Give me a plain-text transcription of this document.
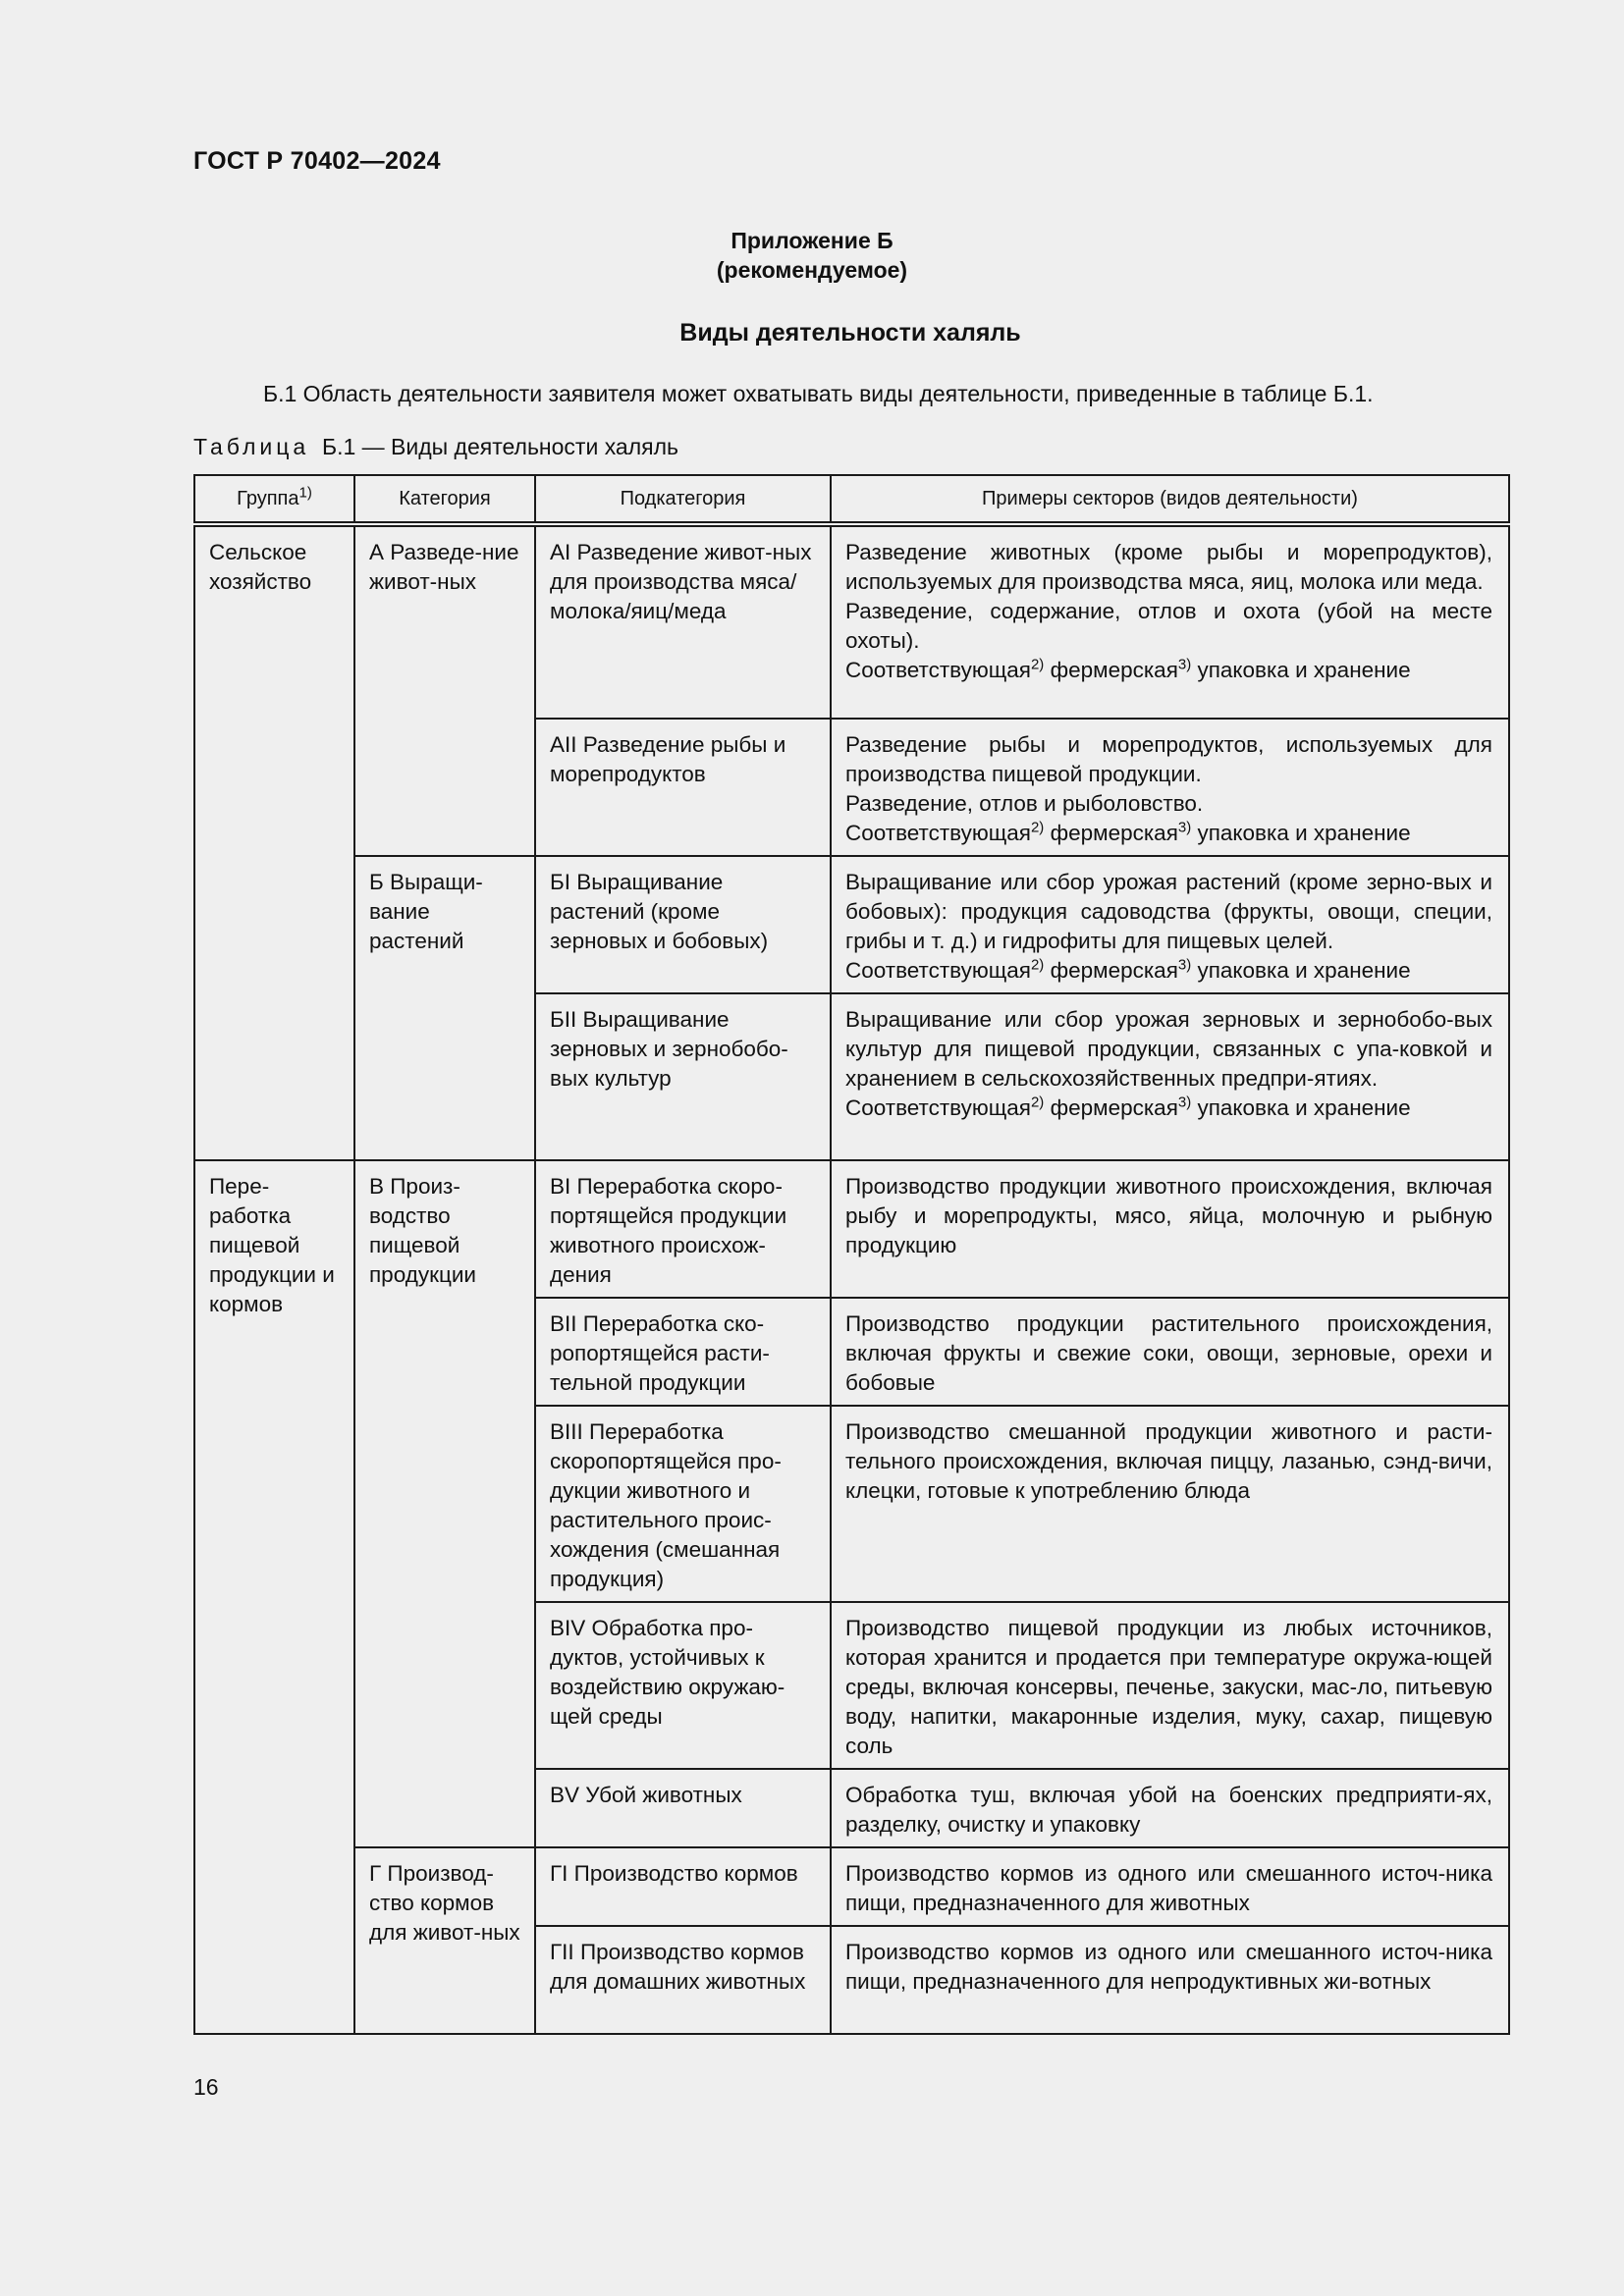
ГОСТ Р 70402—2024
Приложение Б
(рекомендуемое)
Виды деятельности халяль
Б.1 Область деятельности заявителя может охватывать виды деятельности, приведенные в таблице Б.1.
Таблица Б.1 — Виды деятельности халяль
Группа$^{1)}$	Категория	Подкатегория	Примеры секторов (видов деятельности)
Сельское хозяйство	А Разведе-ние живот-ных	АI Разведение живот-ных для производства мяса/молока/яиц/меда	Разведение животных (кроме рыбы и морепродуктов), используемых для производства мяса, яиц, молока или меда.
Разведение, содержание, отлов и охота (убой на месте охоты).
Соответствующая$^{2)}$ фермерская$^{3)}$ упаковка и хранение

		АII Разведение рыбы и морепродуктов	Разведение рыбы и морепродуктов, используемых для производства пищевой продукции.
Разведение, отлов и рыболовство.
Соответствующая$^{2)}$ фермерская$^{3)}$ упаковка и хранение

	Б Выращи-вание растений	БI Выращивание растений (кроме зерновых и бобовых)	Выращивание или сбор урожая растений (кроме зерно-вых и бобовых): продукция садоводства (фрукты, овощи, специи, грибы и т. д.) и гидрофиты для пищевых целей.
Соответствующая$^{2)}$ фермерская$^{3)}$ упаковка и хранение

		БII Выращивание зерновых и зернобобо-вых культур	Выращивание или сбор урожая зерновых и зернобобо-вых культур для пищевой продукции, связанных с упа-ковкой и хранением в сельскохозяйственных предпри-ятиях.
Соответствующая$^{2)}$ фермерская$^{3)}$ упаковка и хранение

Пере-работка пищевой продукции и кормов	В Произ-водство пищевой продукции	ВI Переработка скоро-портящейся продукции животного происхож-дения	Производство продукции животного происхождения, включая рыбу и морепродукты, мясо, яйца, молочную и рыбную продукцию
		ВII Переработка ско-ропортящейся расти-тельной продукции	Производство продукции растительного происхождения, включая фрукты и свежие соки, овощи, зерновые, орехи и бобовые
		ВIII Переработка скоропортящейся про-дукции животного и растительного проис-хождения (смешанная продукция)	Производство смешанной продукции животного и расти-тельного происхождения, включая пиццу, лазанью, сэнд-вичи, клецки, готовые к употреблению блюда
		ВIV Обработка про-дуктов, устойчивых к воздействию окружаю-щей среды	Производство пищевой продукции из любых источников, которая хранится и продается при температуре окружа-ющей среды, включая консервы, печенье, закуски, мас-ло, питьевую воду, напитки, макаронные изделия, муку, сахар, пищевую соль
		ВV Убой животных	Обработка туш, включая убой на боенских предприяти-ях, разделку, очистку и упаковку
	Г Производ-ство кормов для живот-ных	ГI Производство кормов	Производство кормов из одного или смешанного источ-ника пищи, предназначенного для животных
		ГII Производство кормов для домашних животных	Производство кормов из одного или смешанного источ-ника пищи, предназначенного для непродуктивных жи-вотных
16
